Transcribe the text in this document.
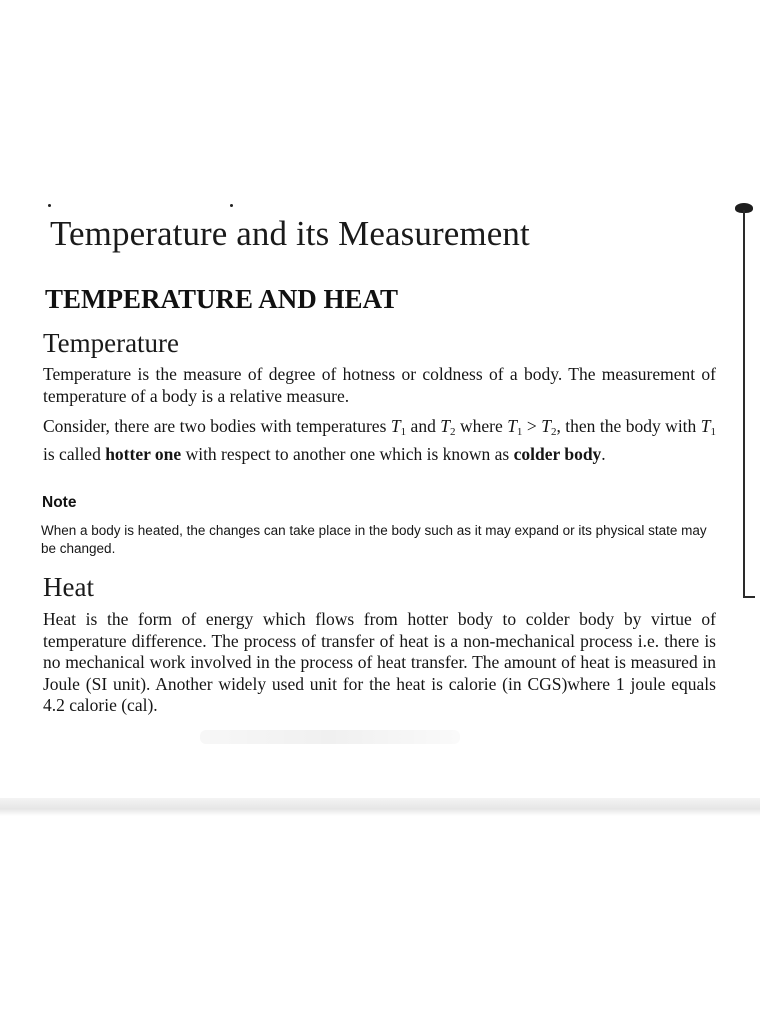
Temperature and its Measurement
TEMPERATURE AND HEAT
Temperature

Temperature is the measure of degree of hotness or coldness of a body. The measurement of temperature of a body is a relative measure.

Consider, there are two bodies with temperatures $T_1$ and $T_2$ where $T_1 > T_2$, then the body with $T_1$ is called hotter one with respect to another one which is known as colder body.

Note

When a body is heated, the changes can take place in the body such as it may expand or its physical state may be changed.

Heat

Heat is the form of energy which flows from hotter body to colder body by virtue of temperature difference. The process of transfer of heat is a non-mechanical process i.e. there is no mechanical work involved in the process of heat transfer. The amount of heat is measured in Joule (SI unit). Another widely used unit for the heat is calorie (in CGS)where 1 joule equals 4.2 calorie (cal).
